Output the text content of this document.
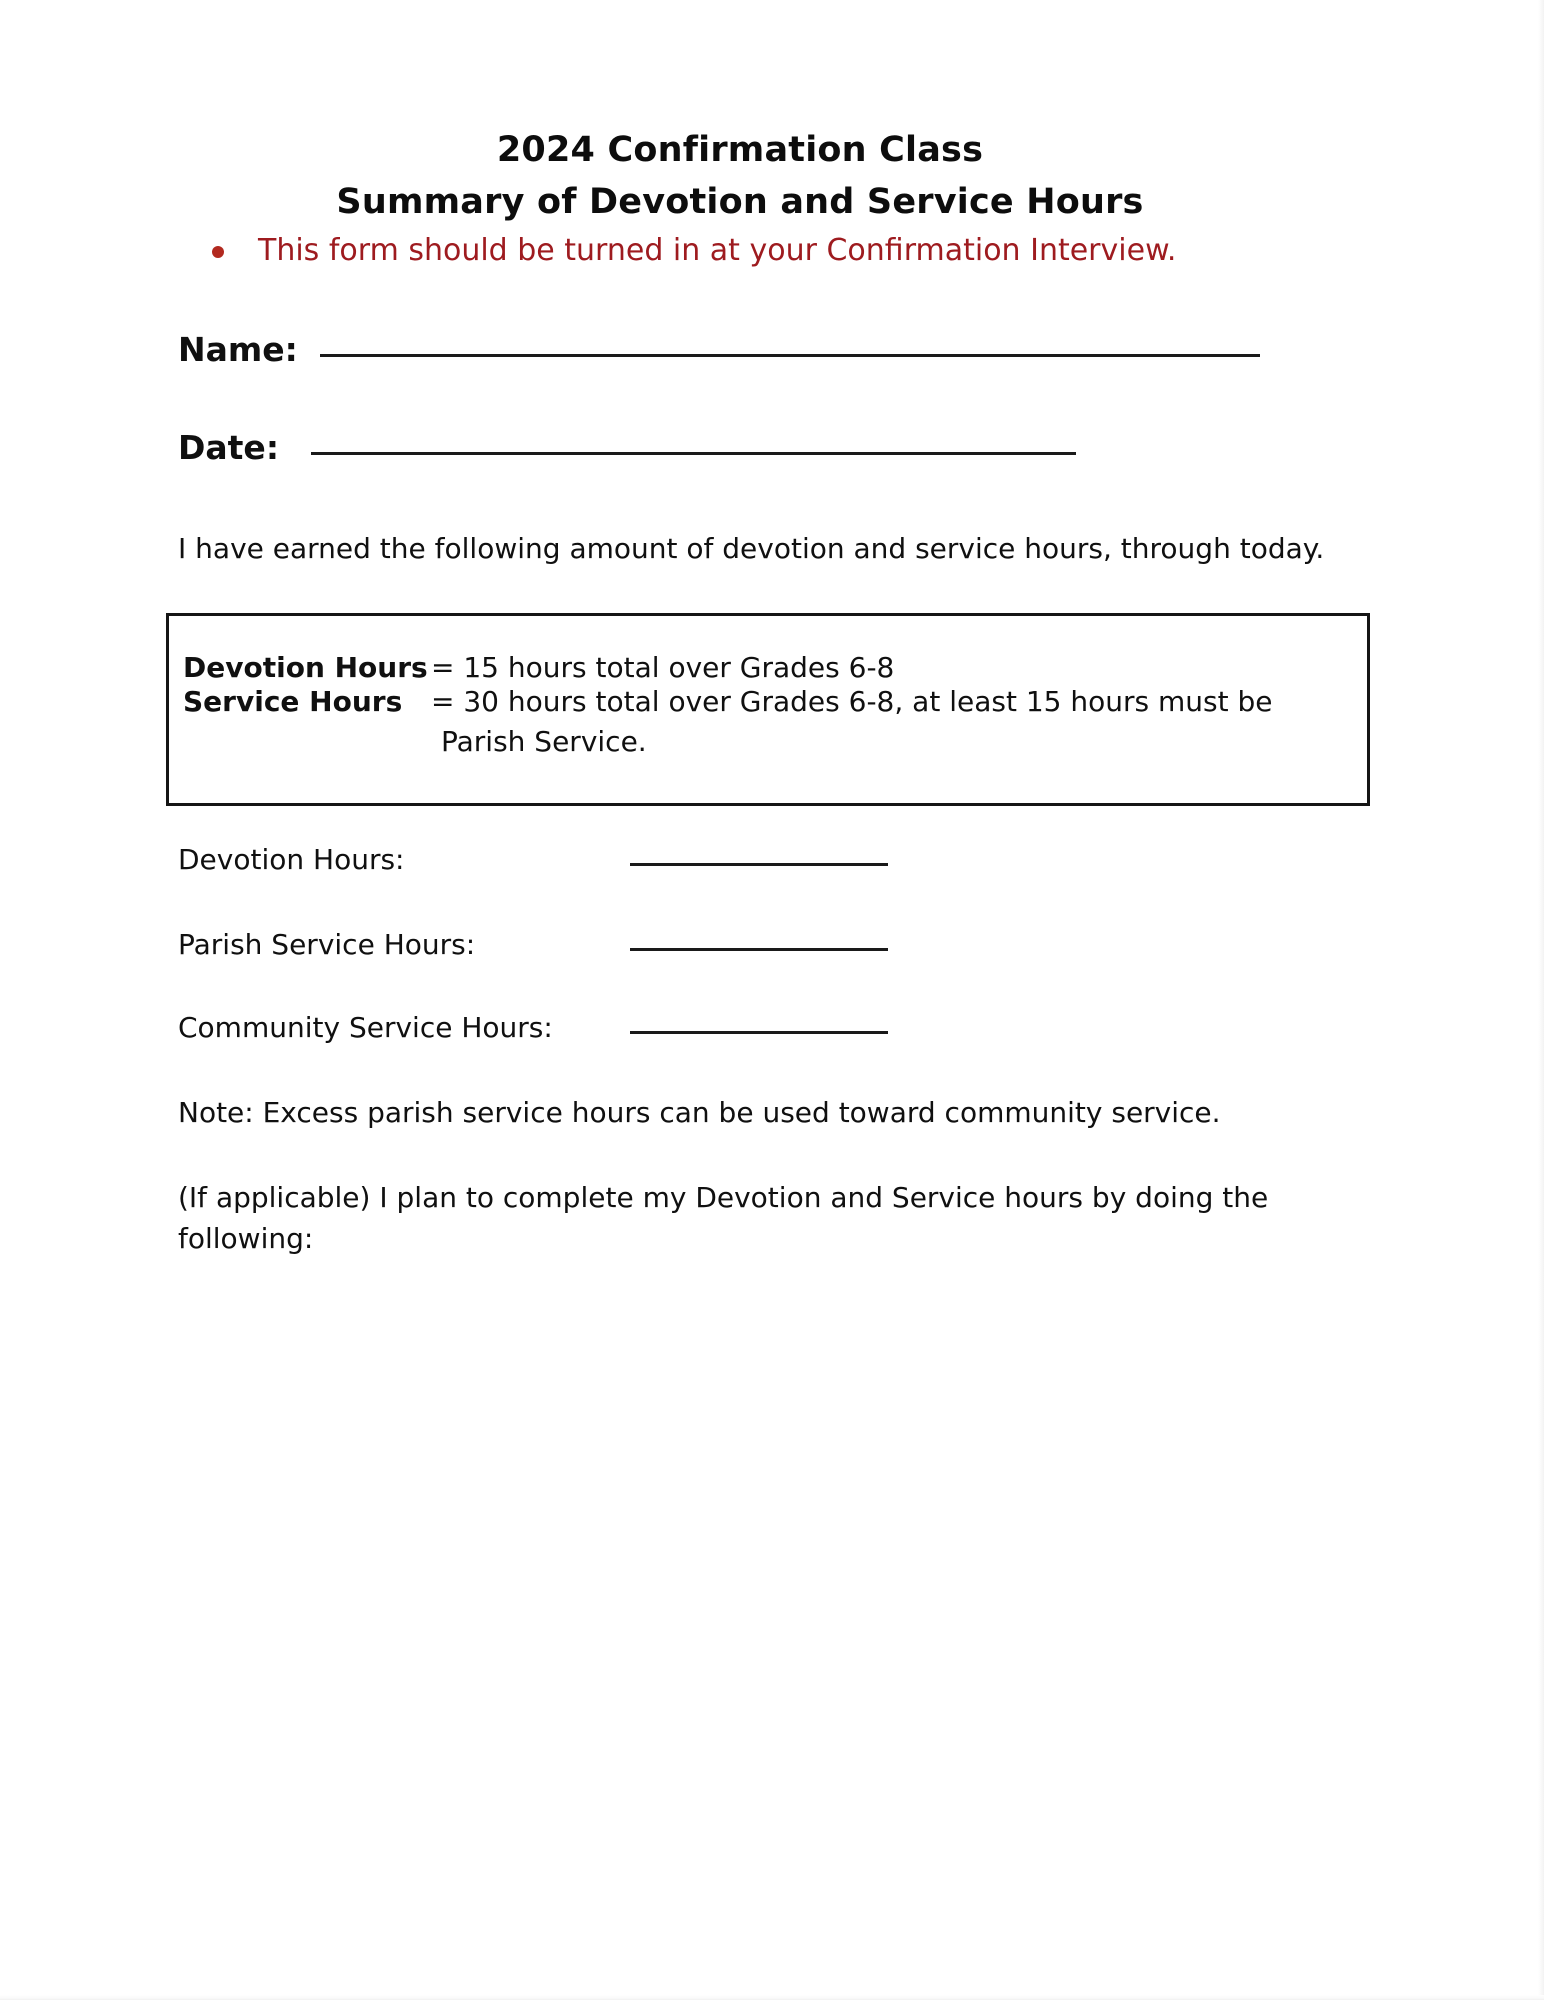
2024 Confirmation Class
Summary of Devotion and Service Hours
This form should be turned in at your Confirmation Interview.
Name:
Date:
I have earned the following amount of devotion and service hours, through today.
Devotion Hours = 15 hours total over Grades 6-8
Service Hours	= 30 hours total over Grades 6-8, at least 15 hours must be
Parish Service.
Devotion Hours:
Parish Service Hours:
Community Service Hours:
Note: Excess parish service hours can be used toward community service.
(If applicable) I plan to complete my Devotion and Service hours by doing the following:
